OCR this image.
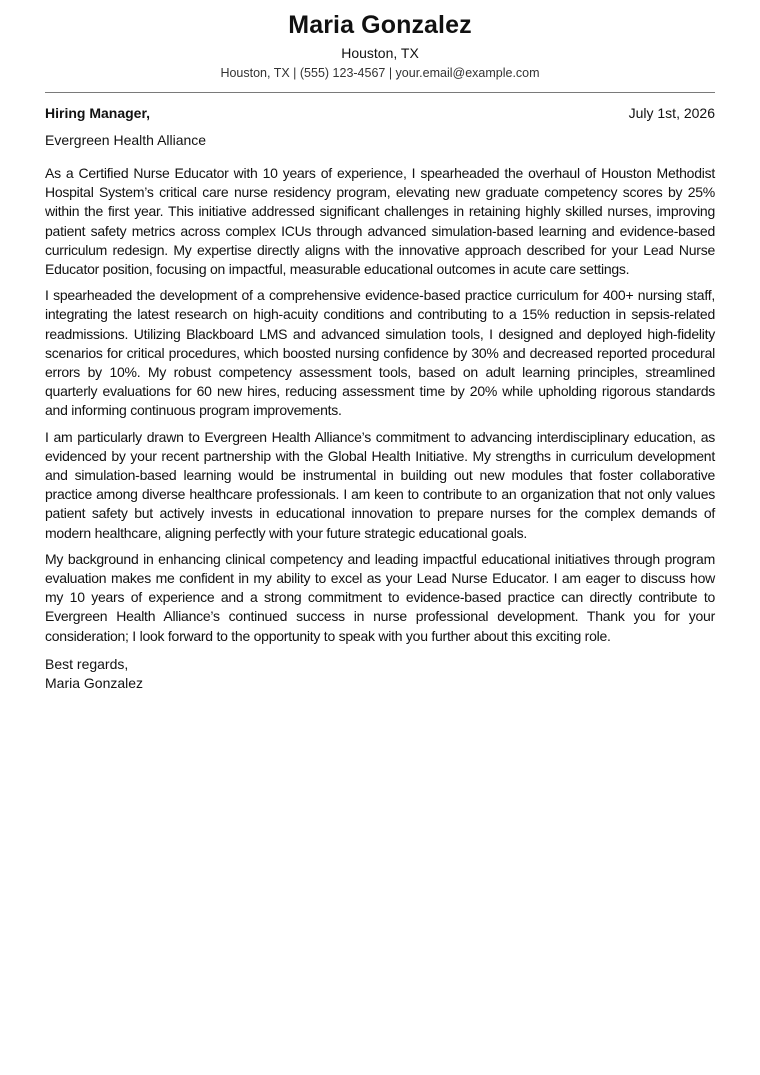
Maria Gonzalez
Houston, TX
Houston, TX | (555) 123-4567 | your.email@example.com
Hiring Manager,	July 1st, 2026
Evergreen Health Alliance

As a Certified Nurse Educator with 10 years of experience, I spearheaded the overhaul of Houston Methodist Hospital System’s critical care nurse residency program, elevating new graduate competency scores by 25% within the first year. This initiative addressed significant challenges in retaining highly skilled nurses, improving patient safety metrics across complex ICUs through advanced simulation-based learning and evidence-based curriculum redesign. My expertise directly aligns with the innovative approach described for your Lead Nurse Educator position, focusing on impactful, measurable educational outcomes in acute care settings.

I spearheaded the development of a comprehensive evidence-based practice curriculum for 400+ nursing staff, integrating the latest research on high-acuity conditions and contributing to a 15% reduction in sepsis-related readmissions. Utilizing Blackboard LMS and advanced simulation tools, I designed and deployed high-fidelity scenarios for critical procedures, which boosted nursing confidence by 30% and decreased reported procedural errors by 10%. My robust competency assessment tools, based on adult learning principles, streamlined quarterly evaluations for 60 new hires, reducing assessment time by 20% while upholding rigorous standards and informing continuous program improvements.

I am particularly drawn to Evergreen Health Alliance’s commitment to advancing interdisciplinary education, as evidenced by your recent partnership with the Global Health Initiative. My strengths in curriculum development and simulation-based learning would be instrumental in building out new modules that foster collaborative practice among diverse healthcare professionals. I am keen to contribute to an organization that not only values patient safety but actively invests in educational innovation to prepare nurses for the complex demands of modern healthcare, aligning perfectly with your future strategic educational goals.

My background in enhancing clinical competency and leading impactful educational initiatives through program evaluation makes me confident in my ability to excel as your Lead Nurse Educator. I am eager to discuss how my 10 years of experience and a strong commitment to evidence-based practice can directly contribute to Evergreen Health Alliance’s continued success in nurse professional development. Thank you for your consideration; I look forward to the opportunity to speak with you further about this exciting role.

Best regards,
Maria Gonzalez
